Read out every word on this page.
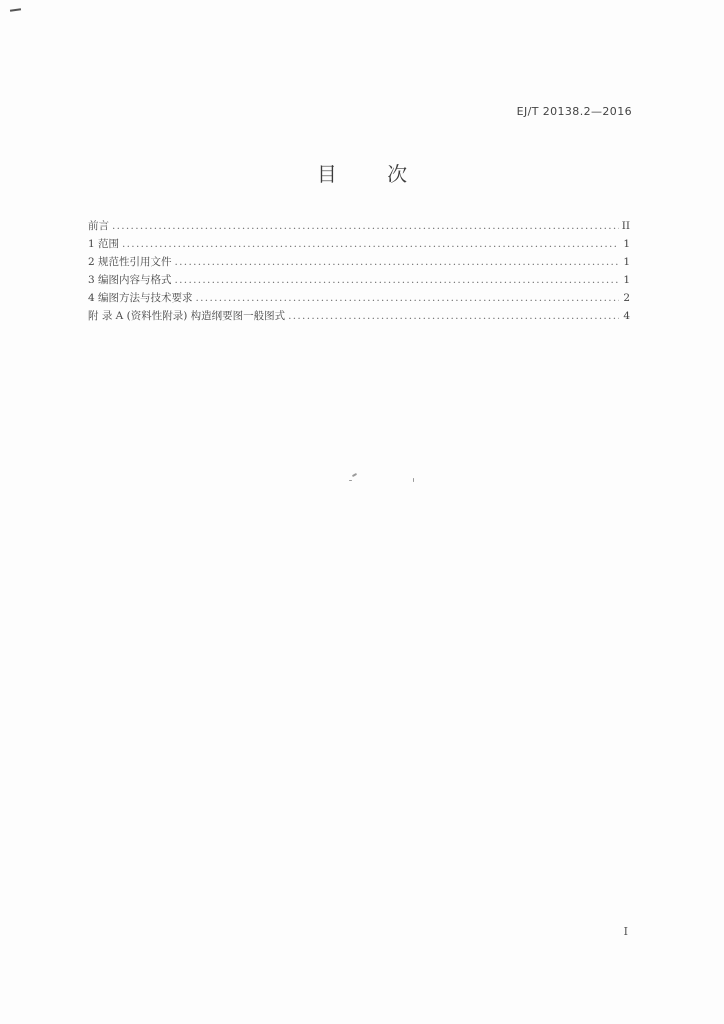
EJ/T 20138.2—2016
目 次
前言 .....	II
1 范围 .....	1
2 规范性引用文件 .....	1
3 编图内容与格式 .....	1
4 编图方法与技术要求 .....	2
附 录 A (资料性附录) 构造纲要图一般图式 .....	4
I
